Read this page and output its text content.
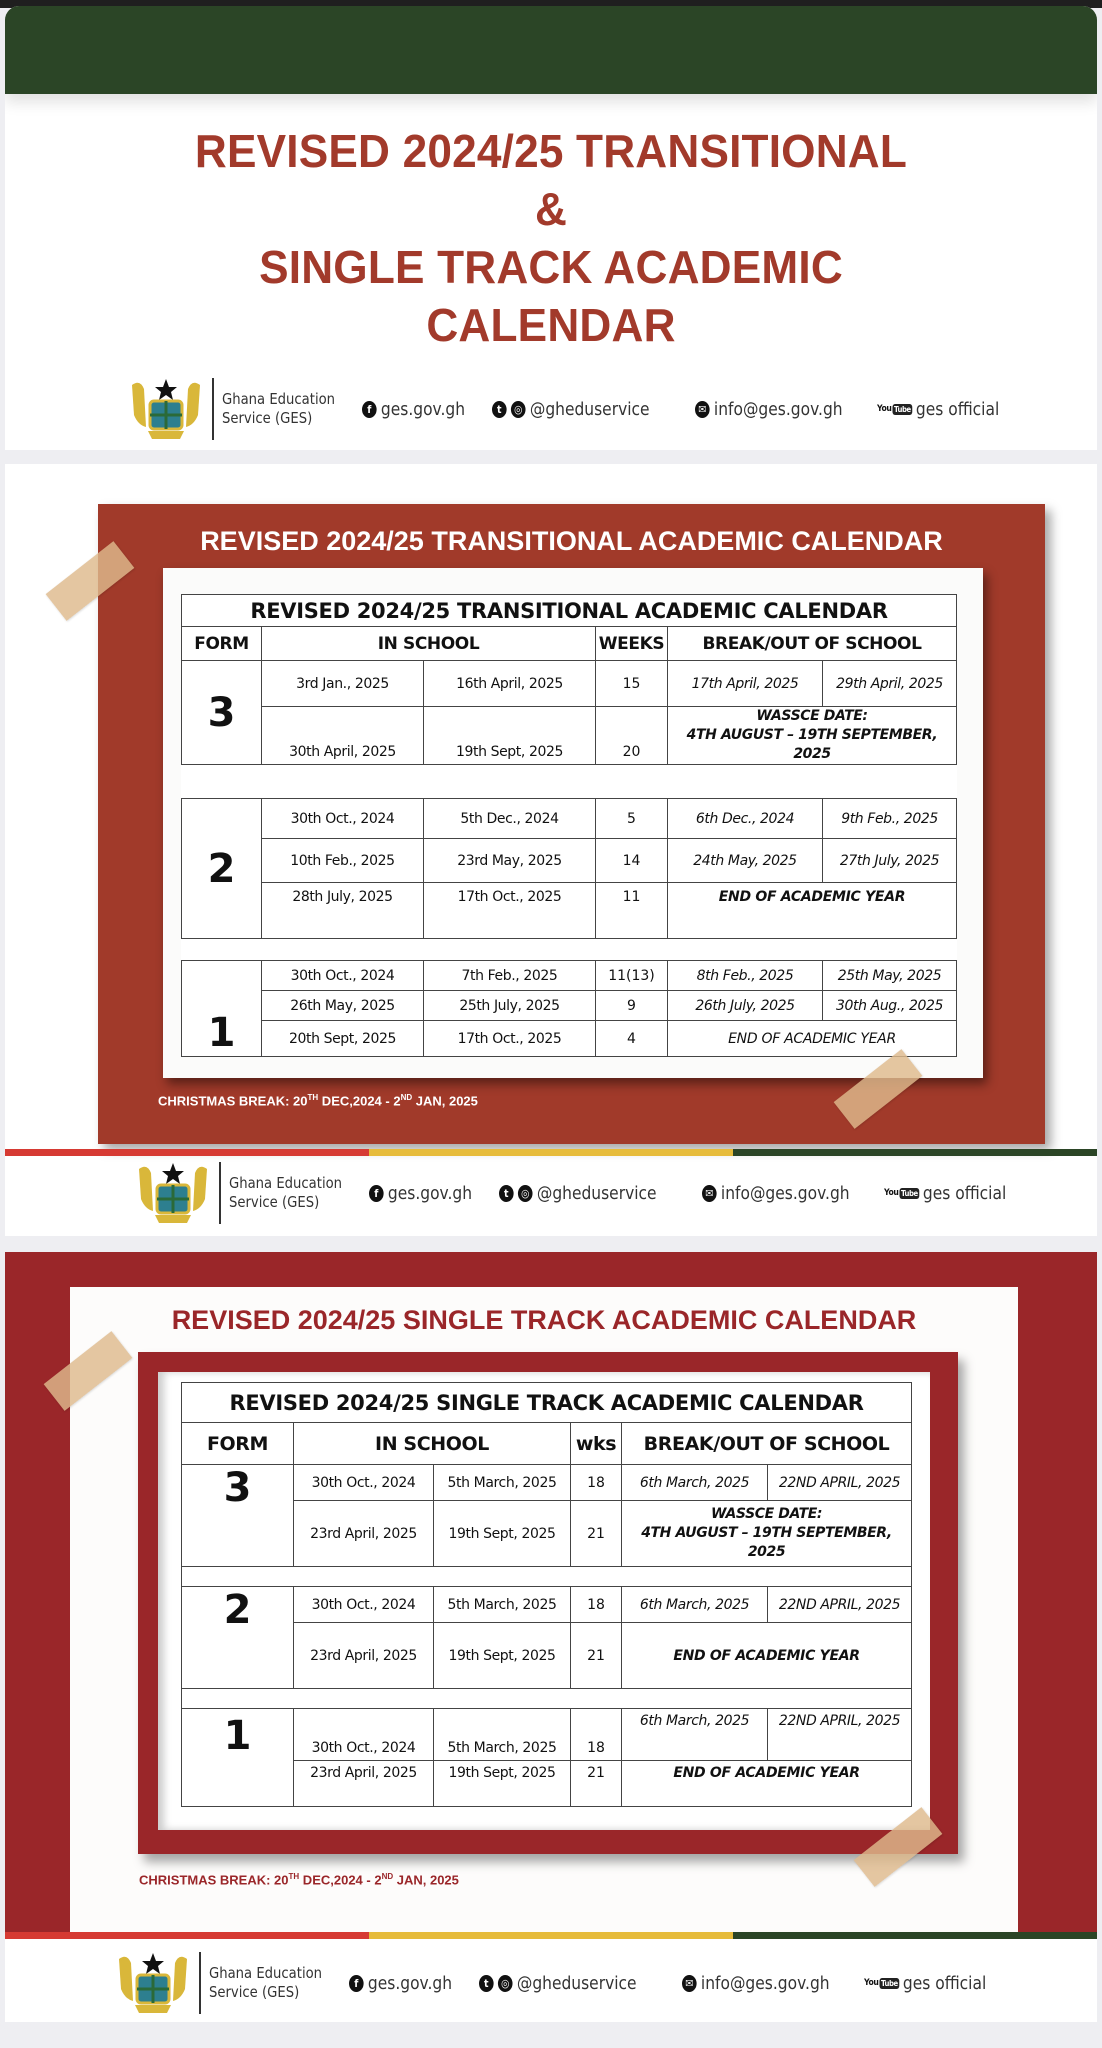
REVISED 2024/25 TRANSITIONAL
&
SINGLE TRACK ACADEMIC
CALENDAR
Ghana Education
Service (GES)	f ges.gov.gh	t	◎ @gheduservice	✉ info@ges.gov.gh	You Tube ges official
REVISED 2024/25 TRANSITIONAL ACADEMIC CALENDAR
REVISED 2024/25 TRANSITIONAL ACADEMIC CALENDAR					
FORM	IN SCHOOL		WEEKS	BREAK/OUT OF SCHOOL	
3	3rd Jan., 2025	16th April, 2025	15	17th April, 2025	29th April, 2025
	30th April, 2025	19th Sept, 2025	20	WASSCE DATE:
4TH AUGUST – 19TH SEPTEMBER, 2025	

2	30th Oct., 2024	5th Dec., 2024	5	6th Dec., 2024	9th Feb., 2025
	10th Feb., 2025	23rd May, 2025	14	24th May, 2025	27th July, 2025
	28th July, 2025	17th Oct., 2025	11	END OF ACADEMIC YEAR	

1	30th Oct., 2024	7th Feb., 2025	11(13)	8th Feb., 2025	25th May, 2025
	26th May, 2025	25th July, 2025	9	26th July, 2025	30th Aug., 2025
	20th Sept, 2025	17th Oct., 2025	4	END OF ACADEMIC YEAR	
CHRISTMAS BREAK: 20TH DEC,2024 - 2ND JAN, 2025
Ghana Education
Service (GES)	f ges.gov.gh	t	◎ @gheduservice	✉ info@ges.gov.gh	You Tube ges official
REVISED 2024/25 SINGLE TRACK ACADEMIC CALENDAR
REVISED 2024/25 SINGLE TRACK ACADEMIC CALENDAR					
FORM	IN SCHOOL		wks	BREAK/OUT OF SCHOOL	
3	30th Oct., 2024	5th March, 2025	18	6th March, 2025	22ND APRIL, 2025
	23rd April, 2025	19th Sept, 2025	21	WASSCE DATE:
4TH AUGUST – 19TH SEPTEMBER, 2025	

2	30th Oct., 2024	5th March, 2025	18	6th March, 2025	22ND APRIL, 2025
	23rd April, 2025	19th Sept, 2025	21	END OF ACADEMIC YEAR	

1	30th Oct., 2024	5th March, 2025	18	6th March, 2025	22ND APRIL, 2025
	23rd April, 2025	19th Sept, 2025	21	END OF ACADEMIC YEAR	
CHRISTMAS BREAK: 20TH DEC,2024 - 2ND JAN, 2025
Ghana Education
Service (GES)	f ges.gov.gh	t	◎ @gheduservice	✉ info@ges.gov.gh	You Tube ges official
